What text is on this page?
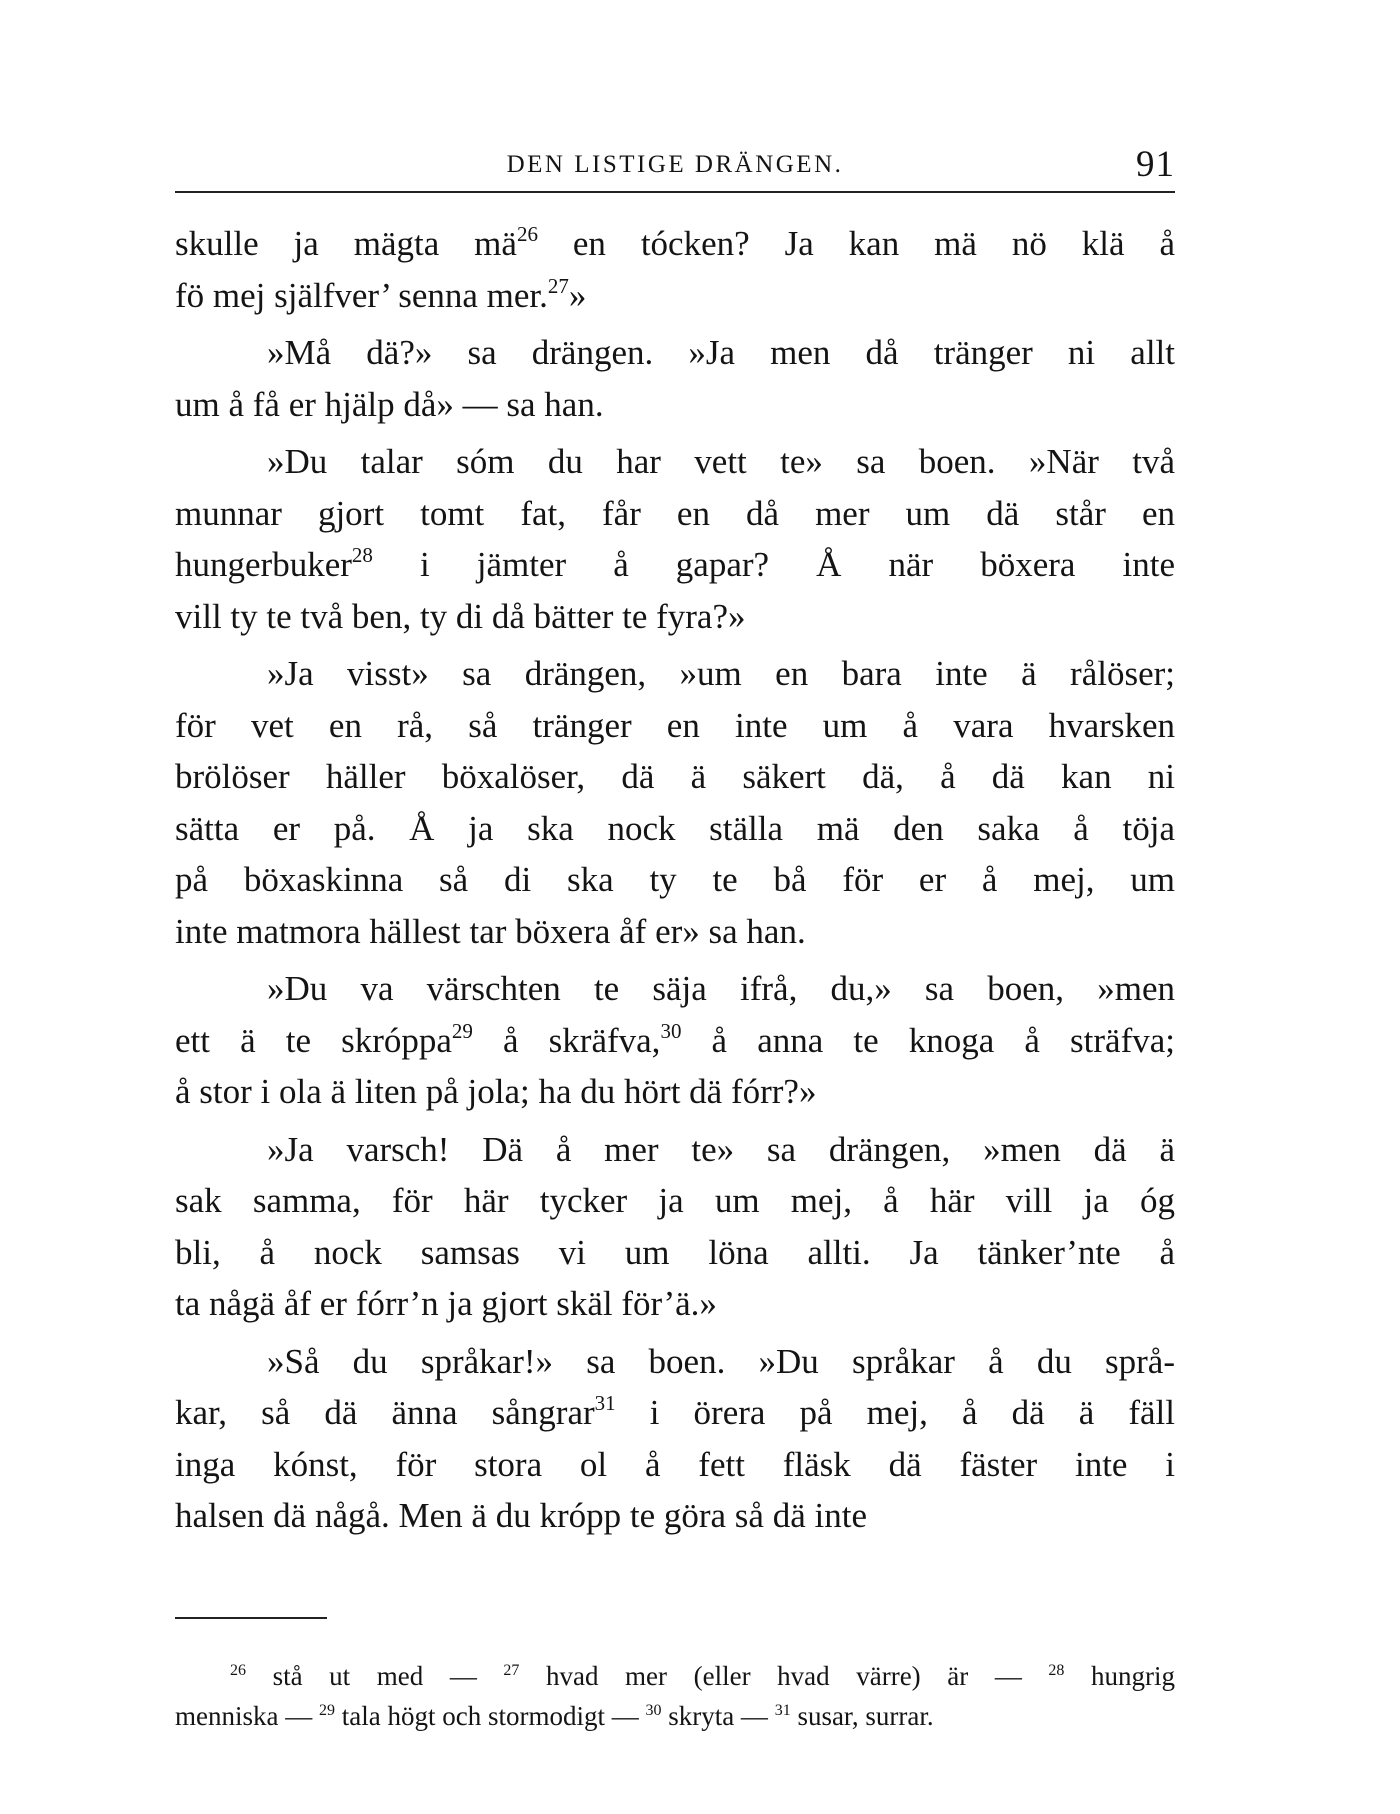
DEN LISTIGE DRÄNGEN.	91

skulle ja mägta $mä^{26}$ en tócken? Ja kan mä nö klä å
fö mej själfver’ senna mer.$^{27}$»

»Må dä?» sa drängen. »Ja men då tränger ni allt
um å få er hjälp då» — sa han.

»Du talar sóm du har vett te» sa boen. »När två
munnar gjort tomt fat, får en då mer um dä står en
hungerbuker$^{28}$ i jämter å gapar? Å när böxera inte
vill ty te två ben, ty di då bätter te fyra?»

»Ja visst» sa drängen, »um en bara inte ä rålöser;
för vet en rå, så tränger en inte um å vara hvarsken
brölöser häller böxalöser, dä ä säkert dä, å dä kan ni
sätta er på. Å ja ska nock ställa mä den saka å töja
på böxaskinna så di ska ty te bå för er å mej, um
inte matmora hällest tar böxera åf er» sa han.

»Du va värschten te säja ifrå, du,» sa boen, »men
ett ä te skróppa$^{29}$ å skräfva,$^{30}$ å anna te knoga å sträfva;
å stor i ola ä liten på jola; ha du hört dä fórr?»

»Ja varsch! Dä å mer te» sa drängen, »men dä ä
sak samma, för här tycker ja um mej, å här vill ja óg
bli, å nock samsas vi um löna allti. Ja tänker’nte å
ta någä åf er fórr’n ja gjort skäl för’ä.»

»Så du språkar!» sa boen. »Du språkar å du språ-
kar, så dä änna sångrar$^{31}$ i örera på mej, å dä ä fäll
inga kónst, för stora ol å fett fläsk dä fäster inte i
halsen dä någå. Men ä du krópp te göra så dä inte

$^{26}$ stå ut med — $^{27}$ hvad mer (eller hvad värre) är — $^{28}$ hungrig
menniska — $^{29}$ tala högt och stormodigt — $^{30}$ skryta — $^{31}$ susar, surrar.
